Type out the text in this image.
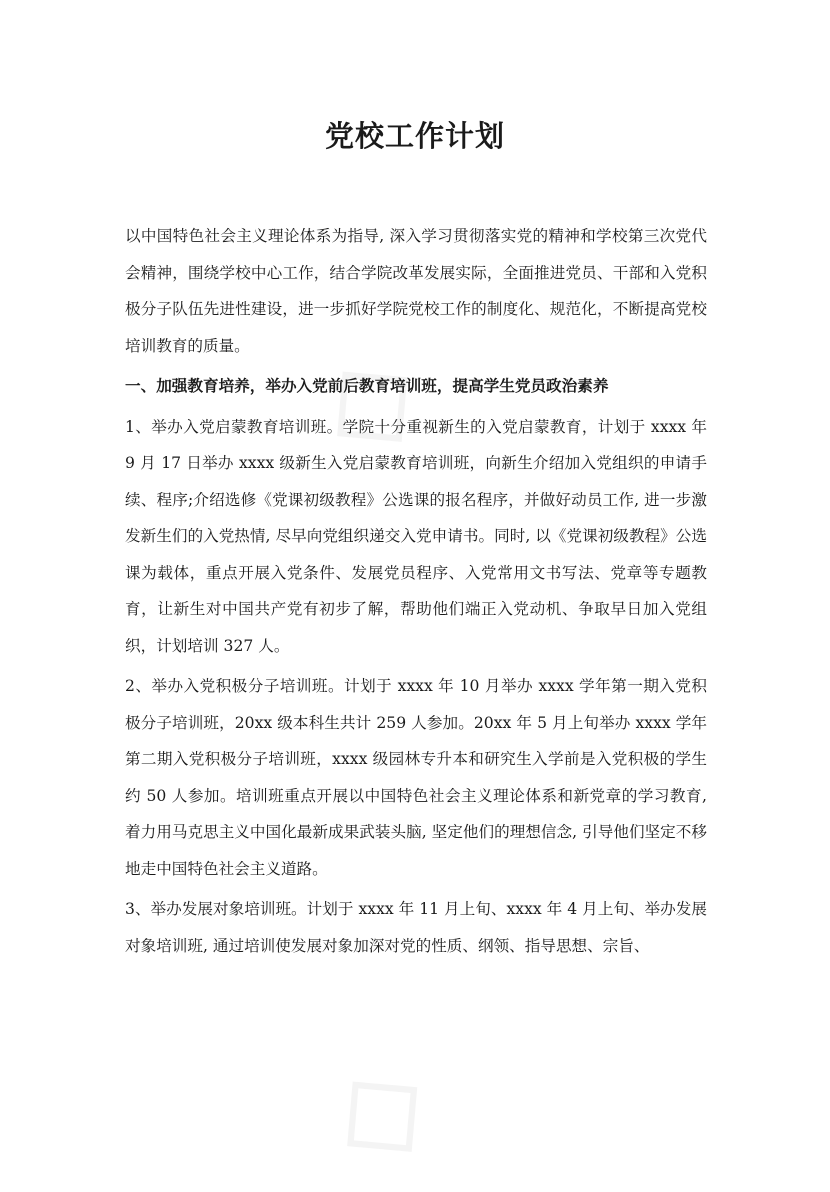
党校工作计划

以中国特色社会主义理论体系为指导, 深入学习贯彻落实党的精神和学校第三次党代会精神，围绕学校中心工作，结合学院改革发展实际，全面推进党员、干部和入党积极分子队伍先进性建设，进一步抓好学院党校工作的制度化、规范化，不断提高党校培训教育的质量。

一、加强教育培养，举办入党前后教育培训班，提高学生党员政治素养

1、举办入党启蒙教育培训班。学院十分重视新生的入党启蒙教育，计划于 xxxx 年 9 月 17 日举办 xxxx 级新生入党启蒙教育培训班，向新生介绍加入党组织的申请手续、程序;介绍选修《党课初级教程》公选课的报名程序，并做好动员工作, 进一步激发新生们的入党热情, 尽早向党组织递交入党申请书。同时, 以《党课初级教程》公选课为载体，重点开展入党条件、发展党员程序、入党常用文书写法、党章等专题教育，让新生对中国共产党有初步了解，帮助他们端正入党动机、争取早日加入党组织，计划培训 327 人。

2、举办入党积极分子培训班。计划于 xxxx 年 10 月举办 xxxx 学年第一期入党积极分子培训班，20xx 级本科生共计 259 人参加。20xx 年 5 月上旬举办 xxxx 学年第二期入党积极分子培训班，xxxx 级园林专升本和研究生入学前是入党积极的学生约 50 人参加。培训班重点开展以中国特色社会主义理论体系和新党章的学习教育, 着力用马克思主义中国化最新成果武装头脑, 坚定他们的理想信念, 引导他们坚定不移地走中国特色社会主义道路。

3、举办发展对象培训班。计划于 xxxx 年 11 月上旬、xxxx 年 4 月上旬、举办发展对象培训班, 通过培训使发展对象加深对党的性质、纲领、指导思想、宗旨、
